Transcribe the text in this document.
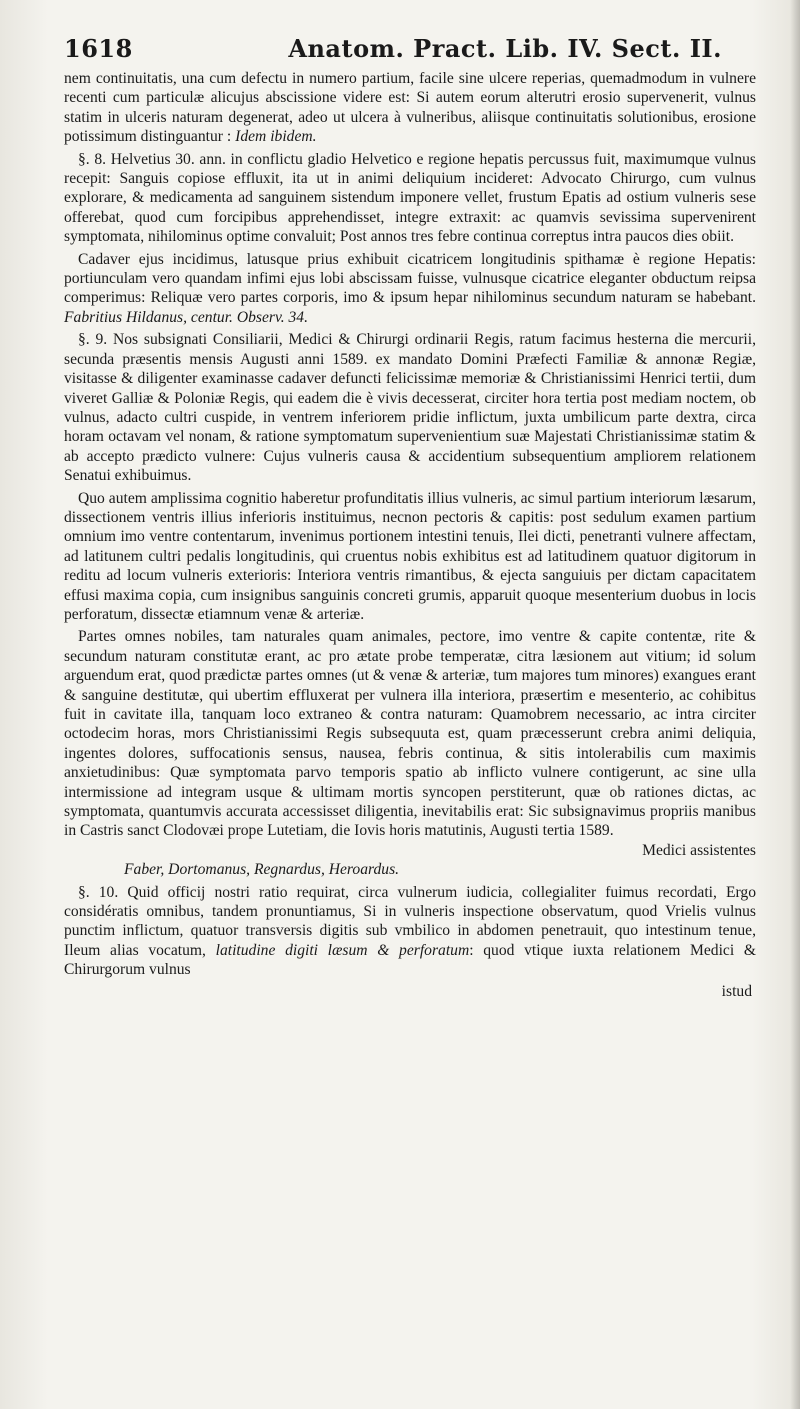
1618	Anatom. Pract. Lib. IV. Sect. II.

nem continuitatis, una cum defectu in numero partium, facile sine ulcere reperias, quemadmodum in vulnere recenti cum particulæ alicujus abscissione videre est: Si autem eorum alterutri erosio supervenerit, vulnus statim in ulceris naturam degenerat, adeo ut ulcera à vulneribus, aliisque continuitatis solutionibus, erosione potissimum distinguantur : Idem ibidem.

§. 8. Helvetius 30. ann. in conflictu gladio Helvetico e regione hepatis percussus fuit, maximumque vulnus recepit: Sanguis copiose effluxit, ita ut in animi deliquium incideret: Advocato Chirurgo, cum vulnus explorare, & medicamenta ad sanguinem sistendum imponere vellet, frustum Epatis ad ostium vulneris sese offerebat, quod cum forcipibus apprehendisset, integre extraxit: ac quamvis sevissima supervenirent symptomata, nihilominus optime convaluit; Post annos tres febre continua correptus intra paucos dies obiit.

Cadaver ejus incidimus, latusque prius exhibuit cicatricem longitudinis spithamæ è regione Hepatis: portiunculam vero quandam infimi ejus lobi abscissam fuisse, vulnusque cicatrice eleganter obductum reipsa comperimus: Reliquæ vero partes corporis, imo & ipsum hepar nihilominus secundum naturam se habebant. Fabritius Hildanus, centur. Observ. 34.

§. 9. Nos subsignati Consiliarii, Medici & Chirurgi ordinarii Regis, ratum facimus hesterna die mercurii, secunda præsentis mensis Augusti anni 1589. ex mandato Domini Præfecti Familiæ & annonæ Regiæ, visitasse & diligenter examinasse cadaver defuncti felicissimæ memoriæ & Christianissimi Henrici tertii, dum viveret Galliæ & Poloniæ Regis, qui eadem die è vivis decesserat, circiter hora tertia post mediam noctem, ob vulnus, adacto cultri cuspide, in ventrem inferiorem pridie inflictum, juxta umbilicum parte dextra, circa horam octavam vel nonam, & ratione symptomatum supervenientium suæ Majestati Christianissimæ statim & ab accepto prædicto vulnere: Cujus vulneris causa & accidentium subsequentium ampliorem relationem Senatui exhibuimus.

Quo autem amplissima cognitio haberetur profunditatis illius vulneris, ac simul partium interiorum læsarum, dissectionem ventris illius inferioris instituimus, necnon pectoris & capitis: post sedulum examen partium omnium imo ventre contentarum, invenimus portionem intestini tenuis, Ilei dicti, penetranti vulnere affectam, ad latitunem cultri pedalis longitudinis, qui cruentus nobis exhibitus est ad latitudinem quatuor digitorum in reditu ad locum vulneris exterioris: Interiora ventris rimantibus, & ejecta sanguiuis per dictam capacitatem effusi maxima copia, cum insignibus sanguinis concreti grumis, apparuit quoque mesenterium duobus in locis perforatum, dissectæ etiamnum venæ & arteriæ.

Partes omnes nobiles, tam naturales quam animales, pectore, imo ventre & capite contentæ, rite & secundum naturam constitutæ erant, ac pro ætate probe temperatæ, citra læsionem aut vitium; id solum arguendum erat, quod prædictæ partes omnes (ut & venæ & arteriæ, tum majores tum minores) exangues erant & sanguine destitutæ, qui ubertim effluxerat per vulnera illa interiora, præsertim e mesenterio, ac cohibitus fuit in cavitate illa, tanquam loco extraneo & contra naturam: Quamobrem necessario, ac intra circiter octodecim horas, mors Christianissimi Regis subsequuta est, quam præcesserunt crebra animi deliquia, ingentes dolores, suffocationis sensus, nausea, febris continua, & sitis intolerabilis cum maximis anxietudinibus: Quæ symptomata parvo temporis spatio ab inflicto vulnere contigerunt, ac sine ulla intermissione ad integram usque & ultimam mortis syncopen perstiterunt, quæ ob rationes dictas, ac symptomata, quantumvis accurata accessisset diligentia, inevitabilis erat: Sic subsignavimus propriis manibus in Castris sanct Clodovæi prope Lutetiam, die Iovis horis matutinis, Augusti tertia 1589.

Medici assistentes

Faber, Dortomanus, Regnardus, Heroardus.

§. 10. Quid officij nostri ratio requirat, circa vulnerum iudicia, collegialiter fuimus recordati, Ergo considératis omnibus, tandem pronuntiamus, Si in vulneris inspectione observatum, quod Vrielis vulnus punctim inflictum, quatuor transversis digitis sub vmbilico in abdomen penetrauit, quo intestinum tenue, Ileum alias vocatum, latitudine digiti læsum & perforatum: quod vtique iuxta relationem Medici & Chirurgorum vulnus

istud
